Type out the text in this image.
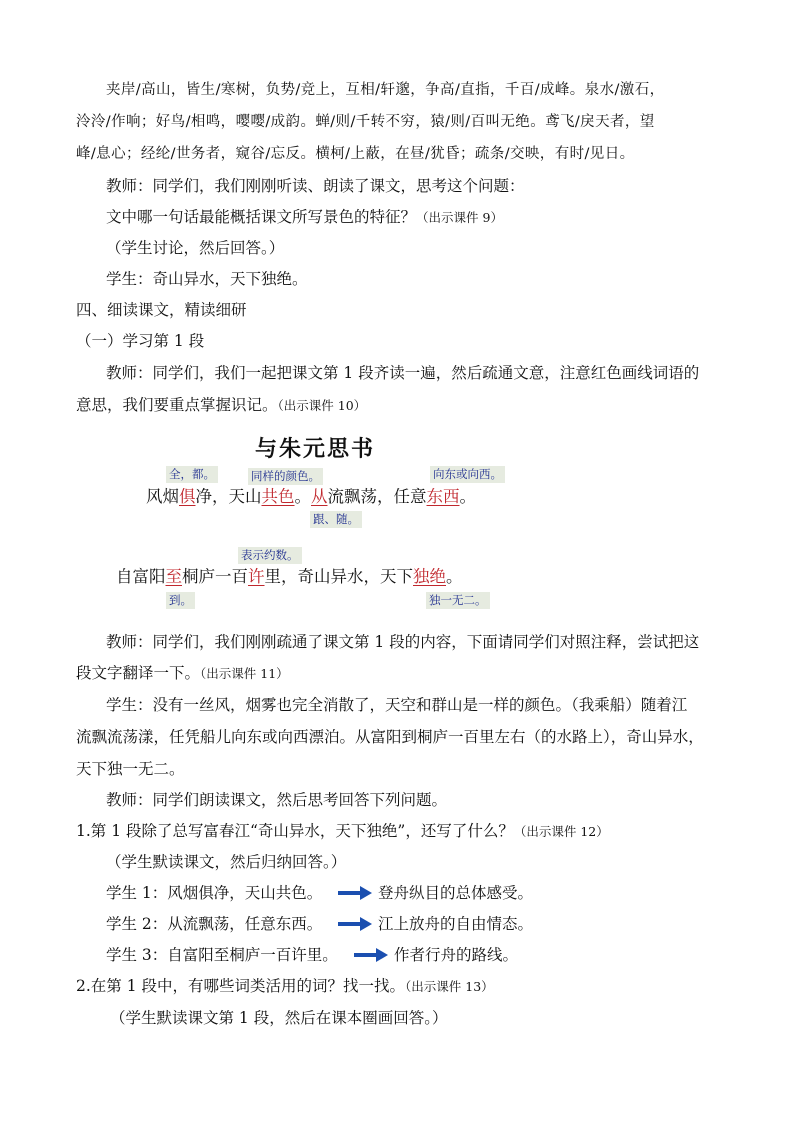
夹岸/高山，皆生/寒树，负势/竞上，互相/轩邈，争高/直指，千百/成峰。泉水/激石，
泠泠/作响；好鸟/相鸣，嘤嘤/成韵。蝉/则/千转不穷，猿/则/百叫无绝。鸢飞/戾天者，望
峰/息心；经纶/世务者，窥谷/忘反。横柯/上蔽，在昼/犹昏；疏条/交映，有时/见日。
教师：同学们，我们刚刚听读、朗读了课文，思考这个问题：
文中哪一句话最能概括课文所写景色的特征？（出示课件 9）
（学生讨论，然后回答。）
学生：奇山异水，天下独绝。
四、细读课文，精读细研
（一）学习第 1 段
教师：同学们，我们一起把课文第 1 段齐读一遍，然后疏通文意，注意红色画线词语的
意思，我们要重点掌握识记。（出示课件 10）
与朱元思书
全，都。	同样的颜色。	向东或向西。
风烟俱净，天山共色。从流飘荡，任意东西。
跟、随。
表示约数。
自富阳至桐庐一百许里，奇山异水，天下独绝。
到。	独一无二。
教师：同学们，我们刚刚疏通了课文第 1 段的内容，下面请同学们对照注释，尝试把这
段文字翻译一下。（出示课件 11）
学生：没有一丝风，烟雾也完全消散了，天空和群山是一样的颜色。（我乘船）随着江
流飘流荡漾，任凭船儿向东或向西漂泊。从富阳到桐庐一百里左右（的水路上），奇山异水，
天下独一无二。
教师：同学们朗读课文，然后思考回答下列问题。
1.第 1 段除了总写富春江“奇山异水，天下独绝”，还写了什么？（出示课件 12）
（学生默读课文，然后归纳回答。）
学生 1：风烟俱净，天山共色。	登舟纵目的总体感受。
学生 2：从流飘荡，任意东西。	江上放舟的自由情态。
学生 3：自富阳至桐庐一百许里。	作者行舟的路线。
2.在第 1 段中，有哪些词类活用的词？找一找。（出示课件 13）
（学生默读课文第 1 段，然后在课本圈画回答。）
